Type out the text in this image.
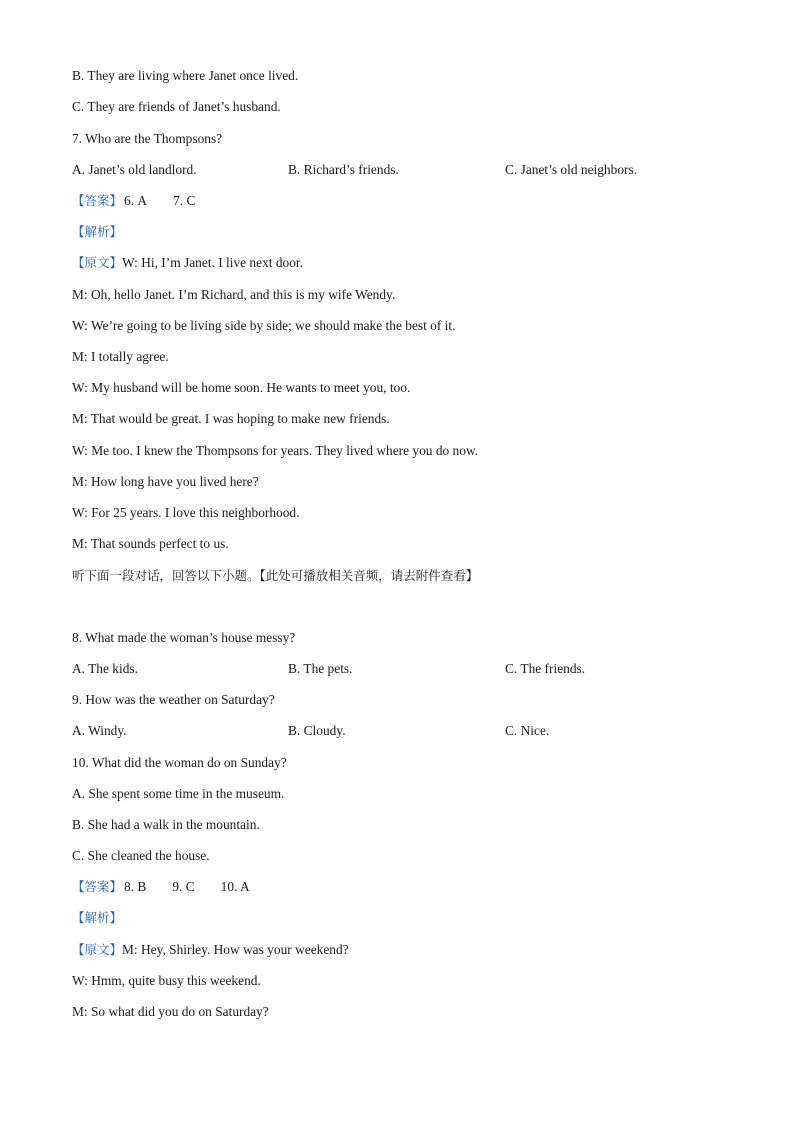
B. They are living where Janet once lived.
C. They are friends of Janet’s husband.
7. Who are the Thompsons?
A. Janet’s old landlord.	B. Richard’s friends.	C. Janet’s old neighbors.
【答案】 6. A 7. C
【解析】
【原文】W: Hi, I’m Janet. I live next door.
M: Oh, hello Janet. I’m Richard, and this is my wife Wendy.
W: We’re going to be living side by side; we should make the best of it.
M: I totally agree.
W: My husband will be home soon. He wants to meet you, too.
M: That would be great. I was hoping to make new friends.
W: Me too. I knew the Thompsons for years. They lived where you do now.
M: How long have you lived here?
W: For 25 years. I love this neighborhood.
M: That sounds perfect to us.
听下面一段对话，回答以下小题。【此处可播放相关音频，请去附件查看】
8. What made the woman’s house messy?
A. The kids.	B. The pets.	C. The friends.
9. How was the weather on Saturday?
A. Windy.	B. Cloudy.	C. Nice.
10. What did the woman do on Sunday?
A. She spent some time in the museum.
B. She had a walk in the mountain.
C. She cleaned the house.
【答案】 8. B 9. C 10. A
【解析】
【原文】M: Hey, Shirley. How was your weekend?
W: Hmm, quite busy this weekend.
M: So what did you do on Saturday?
